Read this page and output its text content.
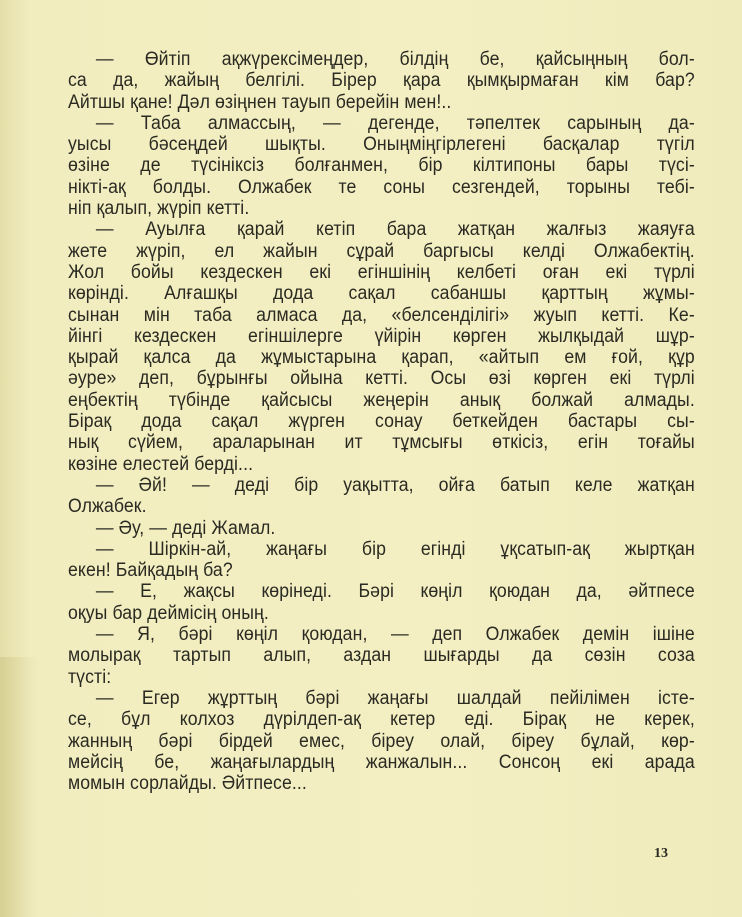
— Өйтіп ақжүрексімеңдер, білдің бе, қайсыңның бол-
са да, жайың белгілі. Бірер қара қымқырмаған кім бар?
Айтшы қане! Дәл өзіңнен тауып берейін мен!..
— Таба алмассың, — дегенде, тәпелтек сарының да-
уысы бәсеңдей шықты. Оныңміңгірлегені басқалар түгіл
өзіне де түсініксіз болғанмен, бір кілтипоны бары түсі-
нікті-ақ болды. Олжабек те соны сезгендей, торыны тебі-
ніп қалып, жүріп кетті.
— Ауылға қарай кетіп бара жатқан жалғыз жаяуға
жете жүріп, ел жайын сұрай баргысы келді Олжабектің.
Жол бойы кездескен екі егіншінің келбеті оған екі түрлі
көрінді. Алғашқы дода сақал сабаншы қарттың жұмы-
сынан мін таба алмаса да, «белсенділігі» жуып кетті. Ке-
йінгі кездескен егіншілерге үйірін көрген жылқыдай шұр-
қырай қалса да жұмыстарына қарап, «айтып ем ғой, құр
әуре» деп, бұрынғы ойына кетті. Осы өзі көрген екі түрлі
еңбектің түбінде қайсысы жеңерін анық болжай алмады.
Бірақ дода сақал жүрген сонау беткейден бастары сы-
нық сүйем, араларынан ит тұмсығы өткісіз, егін тоғайы
көзіне елестей берді...
— Әй! — деді бір уақытта, ойға батып келе жатқан
Олжабек.
— Әу, — деді Жамал.
— Шіркін-ай, жаңағы бір егінді ұқсатып-ақ жыртқан
екен! Байқадың ба?
— Е, жақсы көрінеді. Бәрі көңіл қоюдан да, әйтпесе
оқуы бар деймісің оның.
— Я, бәрі көңіл қоюдан, — деп Олжабек демін ішіне
молырақ тартып алып, аздан шығарды да сөзін соза
түсті:
— Егер жұрттың бәрі жаңағы шалдай пейілімен істе-
се, бұл колхоз дүрілдеп-ақ кетер еді. Бірақ не керек,
жанның бәрі бірдей емес, біреу олай, біреу бұлай, көр-
мейсің бе, жаңағылардың жанжалын... Сонсоң екі арада
момын сорлайды. Әйтпесе...
13
